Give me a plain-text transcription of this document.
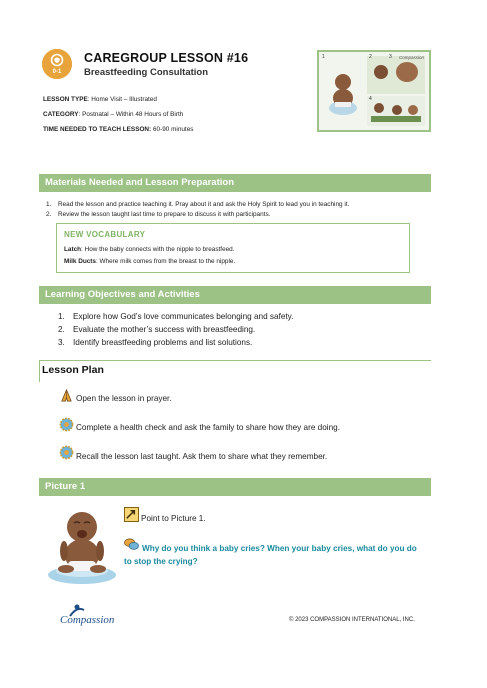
0-1
CAREGROUP LESSON #16
Breastfeeding Consultation
LESSON TYPE: Home Visit – Illustrated
CATEGORY: Postnatal – Within 48 Hours of Birth
TIME NEEDED TO TEACH LESSON: 60-90 minutes
1	2	3
4
Compassion
Materials Needed and Lesson Preparation
1. Read the lesson and practice teaching it. Pray about it and ask the Holy Spirit to lead you in teaching it.
2. Review the lesson taught last time to prepare to discuss it with participants.
NEW VOCABULARY
Latch: How the baby connects with the nipple to breastfeed.
Milk Ducts: Where milk comes from the breast to the nipple.
Learning Objectives and Activities
1. Explore how God’s love communicates belonging and safety.
2. Evaluate the mother’s success with breastfeeding.
3. Identify breastfeeding problems and list solutions.
Lesson Plan
Open the lesson in prayer.
Complete a health check and ask the family to share how they are doing.
Recall the lesson last taught. Ask them to share what they remember.
Picture 1
Point to Picture 1.
Why do you think a baby cries? When your baby cries, what do you do to stop the crying?
Compassion	© 2023 COMPASSION INTERNATIONAL, INC.
